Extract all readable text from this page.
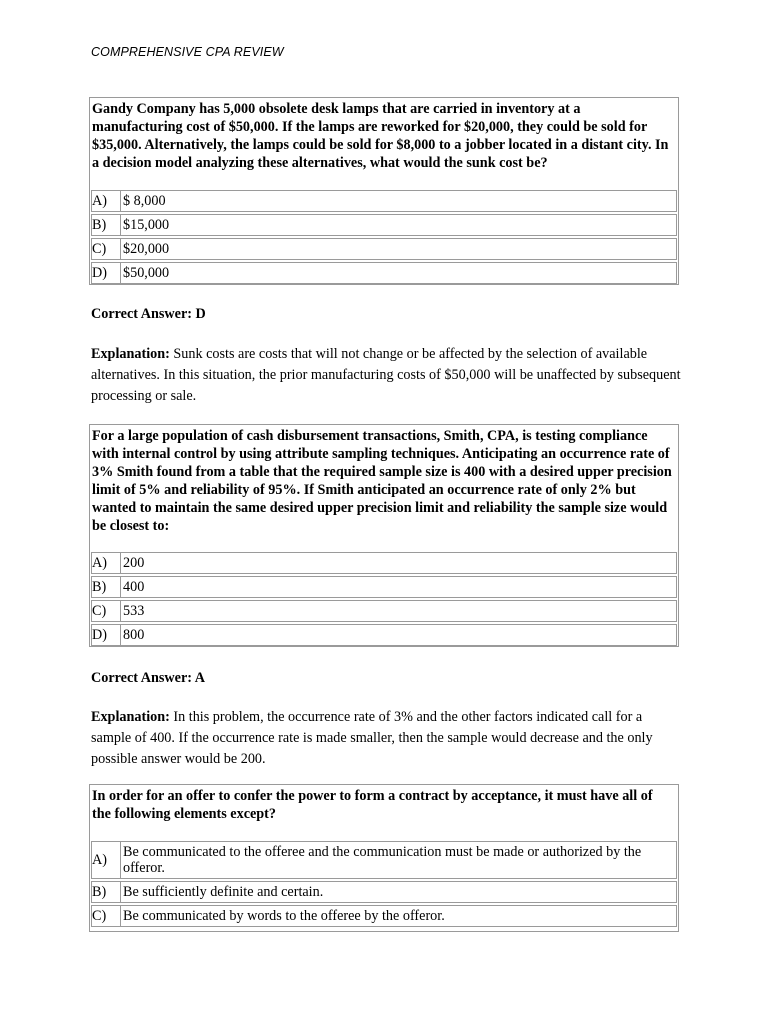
COMPREHENSIVE CPA REVIEW
Gandy Company has 5,000 obsolete desk lamps that are carried in inventory at a manufacturing cost of $50,000. If the lamps are reworked for $20,000, they could be sold for $35,000. Alternatively, the lamps could be sold for $8,000 to a jobber located in a distant city. In a decision model analyzing these alternatives, what would the sunk cost be?
A)	$ 8,000
B)	$15,000
C)	$20,000
D)	$50,000
Correct Answer: D
Explanation: Sunk costs are costs that will not change or be affected by the selection of available alternatives. In this situation, the prior manufacturing costs of $50,000 will be unaffected by subsequent processing or sale.
For a large population of cash disbursement transactions, Smith, CPA, is testing compliance with internal control by using attribute sampling techniques. Anticipating an occurrence rate of 3% Smith found from a table that the required sample size is 400 with a desired upper precision limit of 5% and reliability of 95%. If Smith anticipated an occurrence rate of only 2% but wanted to maintain the same desired upper precision limit and reliability the sample size would be closest to:
A)	200
B)	400
C)	533
D)	800
Correct Answer: A
Explanation: In this problem, the occurrence rate of 3% and the other factors indicated call for a sample of 400. If the occurrence rate is made smaller, then the sample would decrease and the only possible answer would be 200.
In order for an offer to confer the power to form a contract by acceptance, it must have all of the following elements except?
A)	Be communicated to the offeree and the communication must be made or authorized by the offeror.
B)	Be sufficiently definite and certain.
C)	Be communicated by words to the offeree by the offeror.
